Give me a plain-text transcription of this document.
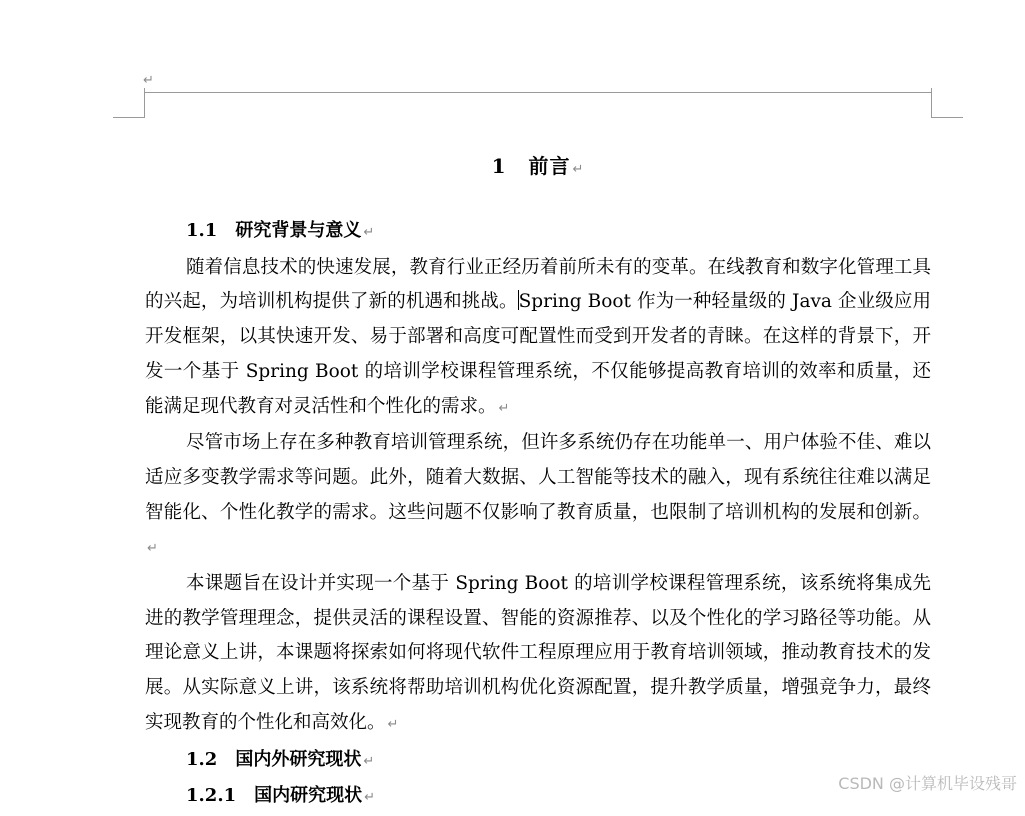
↵
1 前言 ↵
1.1 研究背景与意义 ↵

随着信息技术的快速发展，教育行业正经历着前所未有的变革。在线教育和数字化管理工具的兴起，为培训机构提供了新的机遇和挑战。Spring Boot 作为一种轻量级的 Java 企业级应用开发框架，以其快速开发、易于部署和高度可配置性而受到开发者的青睐。在这样的背景下，开发一个基于 Spring Boot 的培训学校课程管理系统，不仅能够提高教育培训的效率和质量，还能满足现代教育对灵活性和个性化的需求。 ↵

尽管市场上存在多种教育培训管理系统，但许多系统仍存在功能单一、用户体验不佳、难以适应多变教学需求等问题。此外，随着大数据、人工智能等技术的融入，现有系统往往难以满足智能化、个性化教学的需求。这些问题不仅影响了教育质量，也限制了培训机构的发展和创新。↵

本课题旨在设计并实现一个基于 Spring Boot 的培训学校课程管理系统，该系统将集成先进的教学管理理念，提供灵活的课程设置、智能的资源推荐、以及个性化的学习路径等功能。从理论意义上讲，本课题将探索如何将现代软件工程原理应用于教育培训领域，推动教育技术的发展。从实际意义上讲，该系统将帮助培训机构优化资源配置，提升教学质量，增强竞争力，最终实现教育的个性化和高效化。 ↵

1.2 国内外研究现状 ↵
1.2.1 国内研究现状 ↵
CSDN @计算机毕设残哥
